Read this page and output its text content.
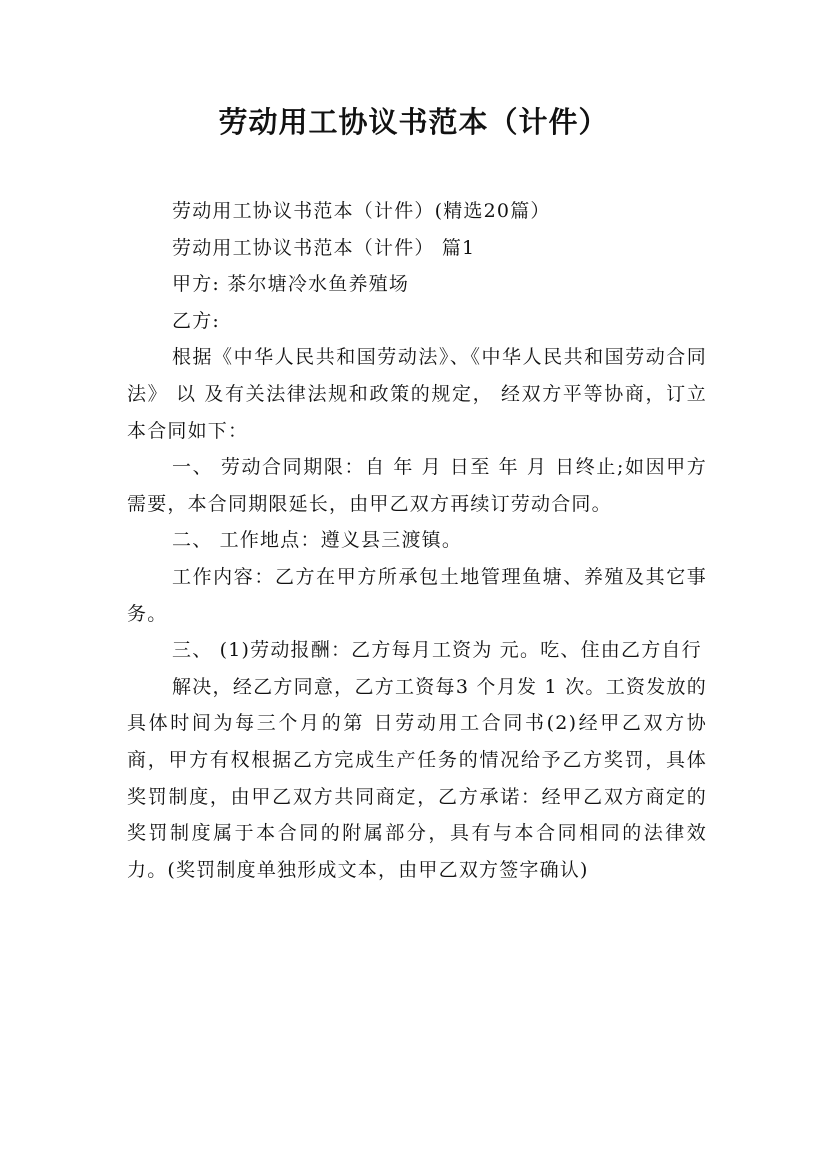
劳动用工协议书范本（计件）

劳动用工协议书范本（计件）(精选20篇）

劳动用工协议书范本（计件） 篇1

甲方: 茶尔塘冷水鱼养殖场

乙方:

根据《中华人民共和国劳动法》、《中华人民共和国劳动合同法》 以 及有关法律法规和政策的规定， 经双方平等协商，订立本合同如下：

一、 劳动合同期限：自 年 月 日至 年 月 日终止;如因甲方需要，本合同期限延长，由甲乙双方再续订劳动合同。

二、 工作地点：遵义县三渡镇。

工作内容：乙方在甲方所承包土地管理鱼塘、养殖及其它事务。

三、 (1)劳动报酬：乙方每月工资为 元。吃、住由乙方自行

解决，经乙方同意，乙方工资每3 个月发 1 次。工资发放的具体时间为每三个月的第 日劳动用工合同书(2)经甲乙双方协商，甲方有权根据乙方完成生产任务的情况给予乙方奖罚，具体奖罚制度，由甲乙双方共同商定，乙方承诺：经甲乙双方商定的奖罚制度属于本合同的附属部分，具有与本合同相同的法律效力。(奖罚制度单独形成文本，由甲乙双方签字确认)
